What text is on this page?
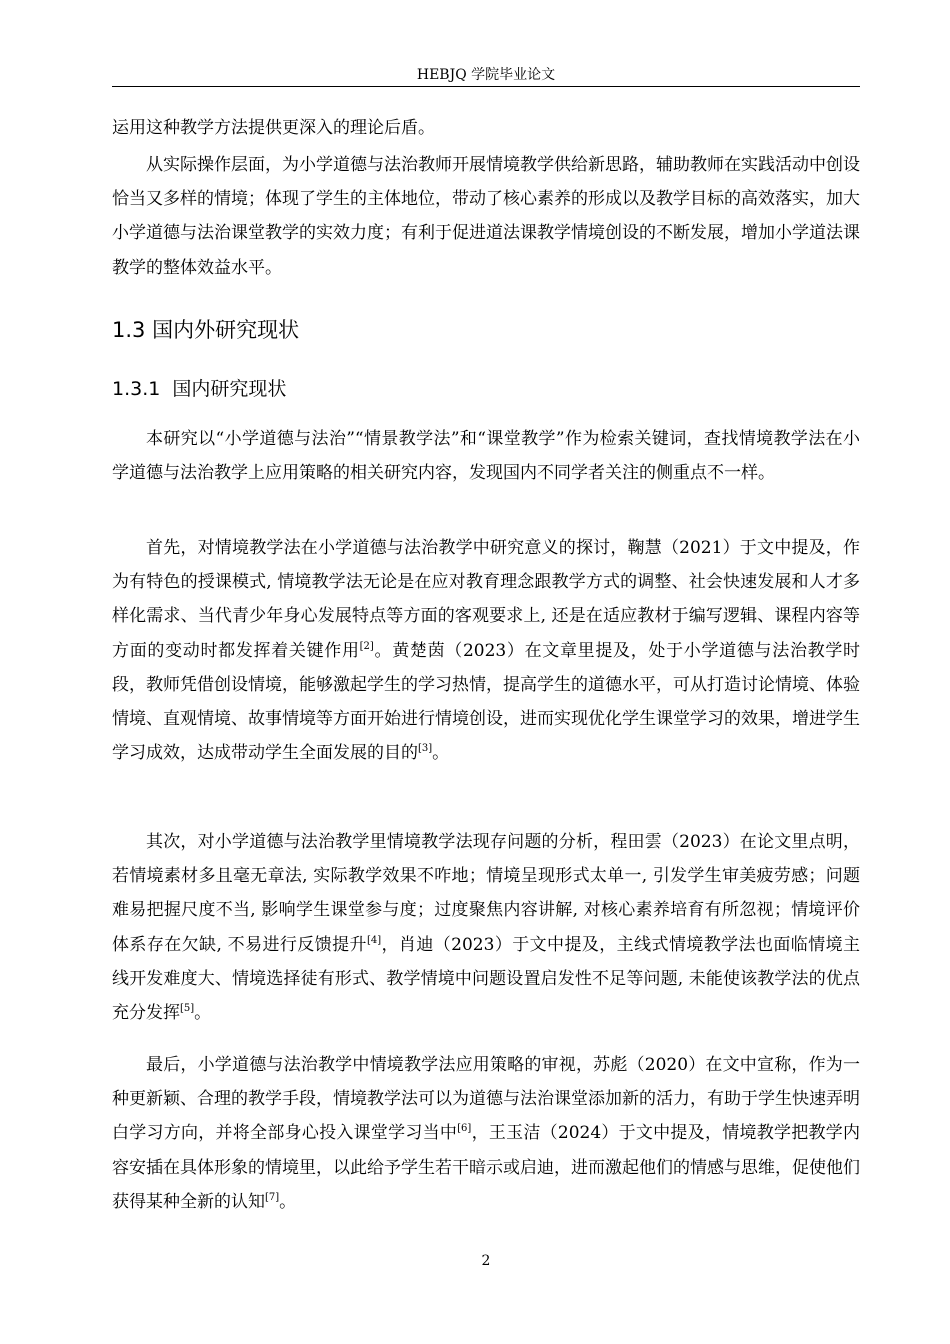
HEBJQ 学院毕业论文

运用这种教学方法提供更深入的理论后盾。

从实际操作层面，为小学道德与法治教师开展情境教学供给新思路，辅助教师在实践活动中创设恰当又多样的情境；体现了学生的主体地位，带动了核心素养的形成以及教学目标的高效落实，加大小学道德与法治课堂教学的实效力度；有利于促进道法课教学情境创设的不断发展，增加小学道法课教学的整体效益水平。

1.3 国内外研究现状
1.3.1 国内研究现状

本研究以“小学道德与法治”“情景教学法”和“课堂教学”作为检索关键词，查找情境教学法在小学道德与法治教学上应用策略的相关研究内容，发现国内不同学者关注的侧重点不一样。

首先，对情境教学法在小学道德与法治教学中研究意义的探讨，鞠慧（2021）于文中提及，作为有特色的授课模式, 情境教学法无论是在应对教育理念跟教学方式的调整、社会快速发展和人才多样化需求、当代青少年身心发展特点等方面的客观要求上, 还是在适应教材于编写逻辑、课程内容等方面的变动时都发挥着关键作用[2]。黄楚茵（2023）在文章里提及，处于小学道德与法治教学时段，教师凭借创设情境，能够激起学生的学习热情，提高学生的道德水平，可从打造讨论情境、体验情境、直观情境、故事情境等方面开始进行情境创设，进而实现优化学生课堂学习的效果，增进学生学习成效，达成带动学生全面发展的目的[3]。

其次，对小学道德与法治教学里情境教学法现存问题的分析，程田雲（2023）在论文里点明，若情境素材多且毫无章法, 实际教学效果不咋地；情境呈现形式太单一, 引发学生审美疲劳感；问题难易把握尺度不当, 影响学生课堂参与度；过度聚焦内容讲解, 对核心素养培育有所忽视；情境评价体系存在欠缺, 不易进行反馈提升[4]，肖迪（2023）于文中提及，主线式情境教学法也面临情境主线开发难度大、情境选择徒有形式、教学情境中问题设置启发性不足等问题, 未能使该教学法的优点充分发挥[5]。

最后，小学道德与法治教学中情境教学法应用策略的审视，苏彪（2020）在文中宣称，作为一种更新颖、合理的教学手段，情境教学法可以为道德与法治课堂添加新的活力，有助于学生快速弄明白学习方向，并将全部身心投入课堂学习当中[6]，王玉洁（2024）于文中提及，情境教学把教学内容安插在具体形象的情境里，以此给予学生若干暗示或启迪，进而激起他们的情感与思维，促使他们获得某种全新的认知[7]。

2
